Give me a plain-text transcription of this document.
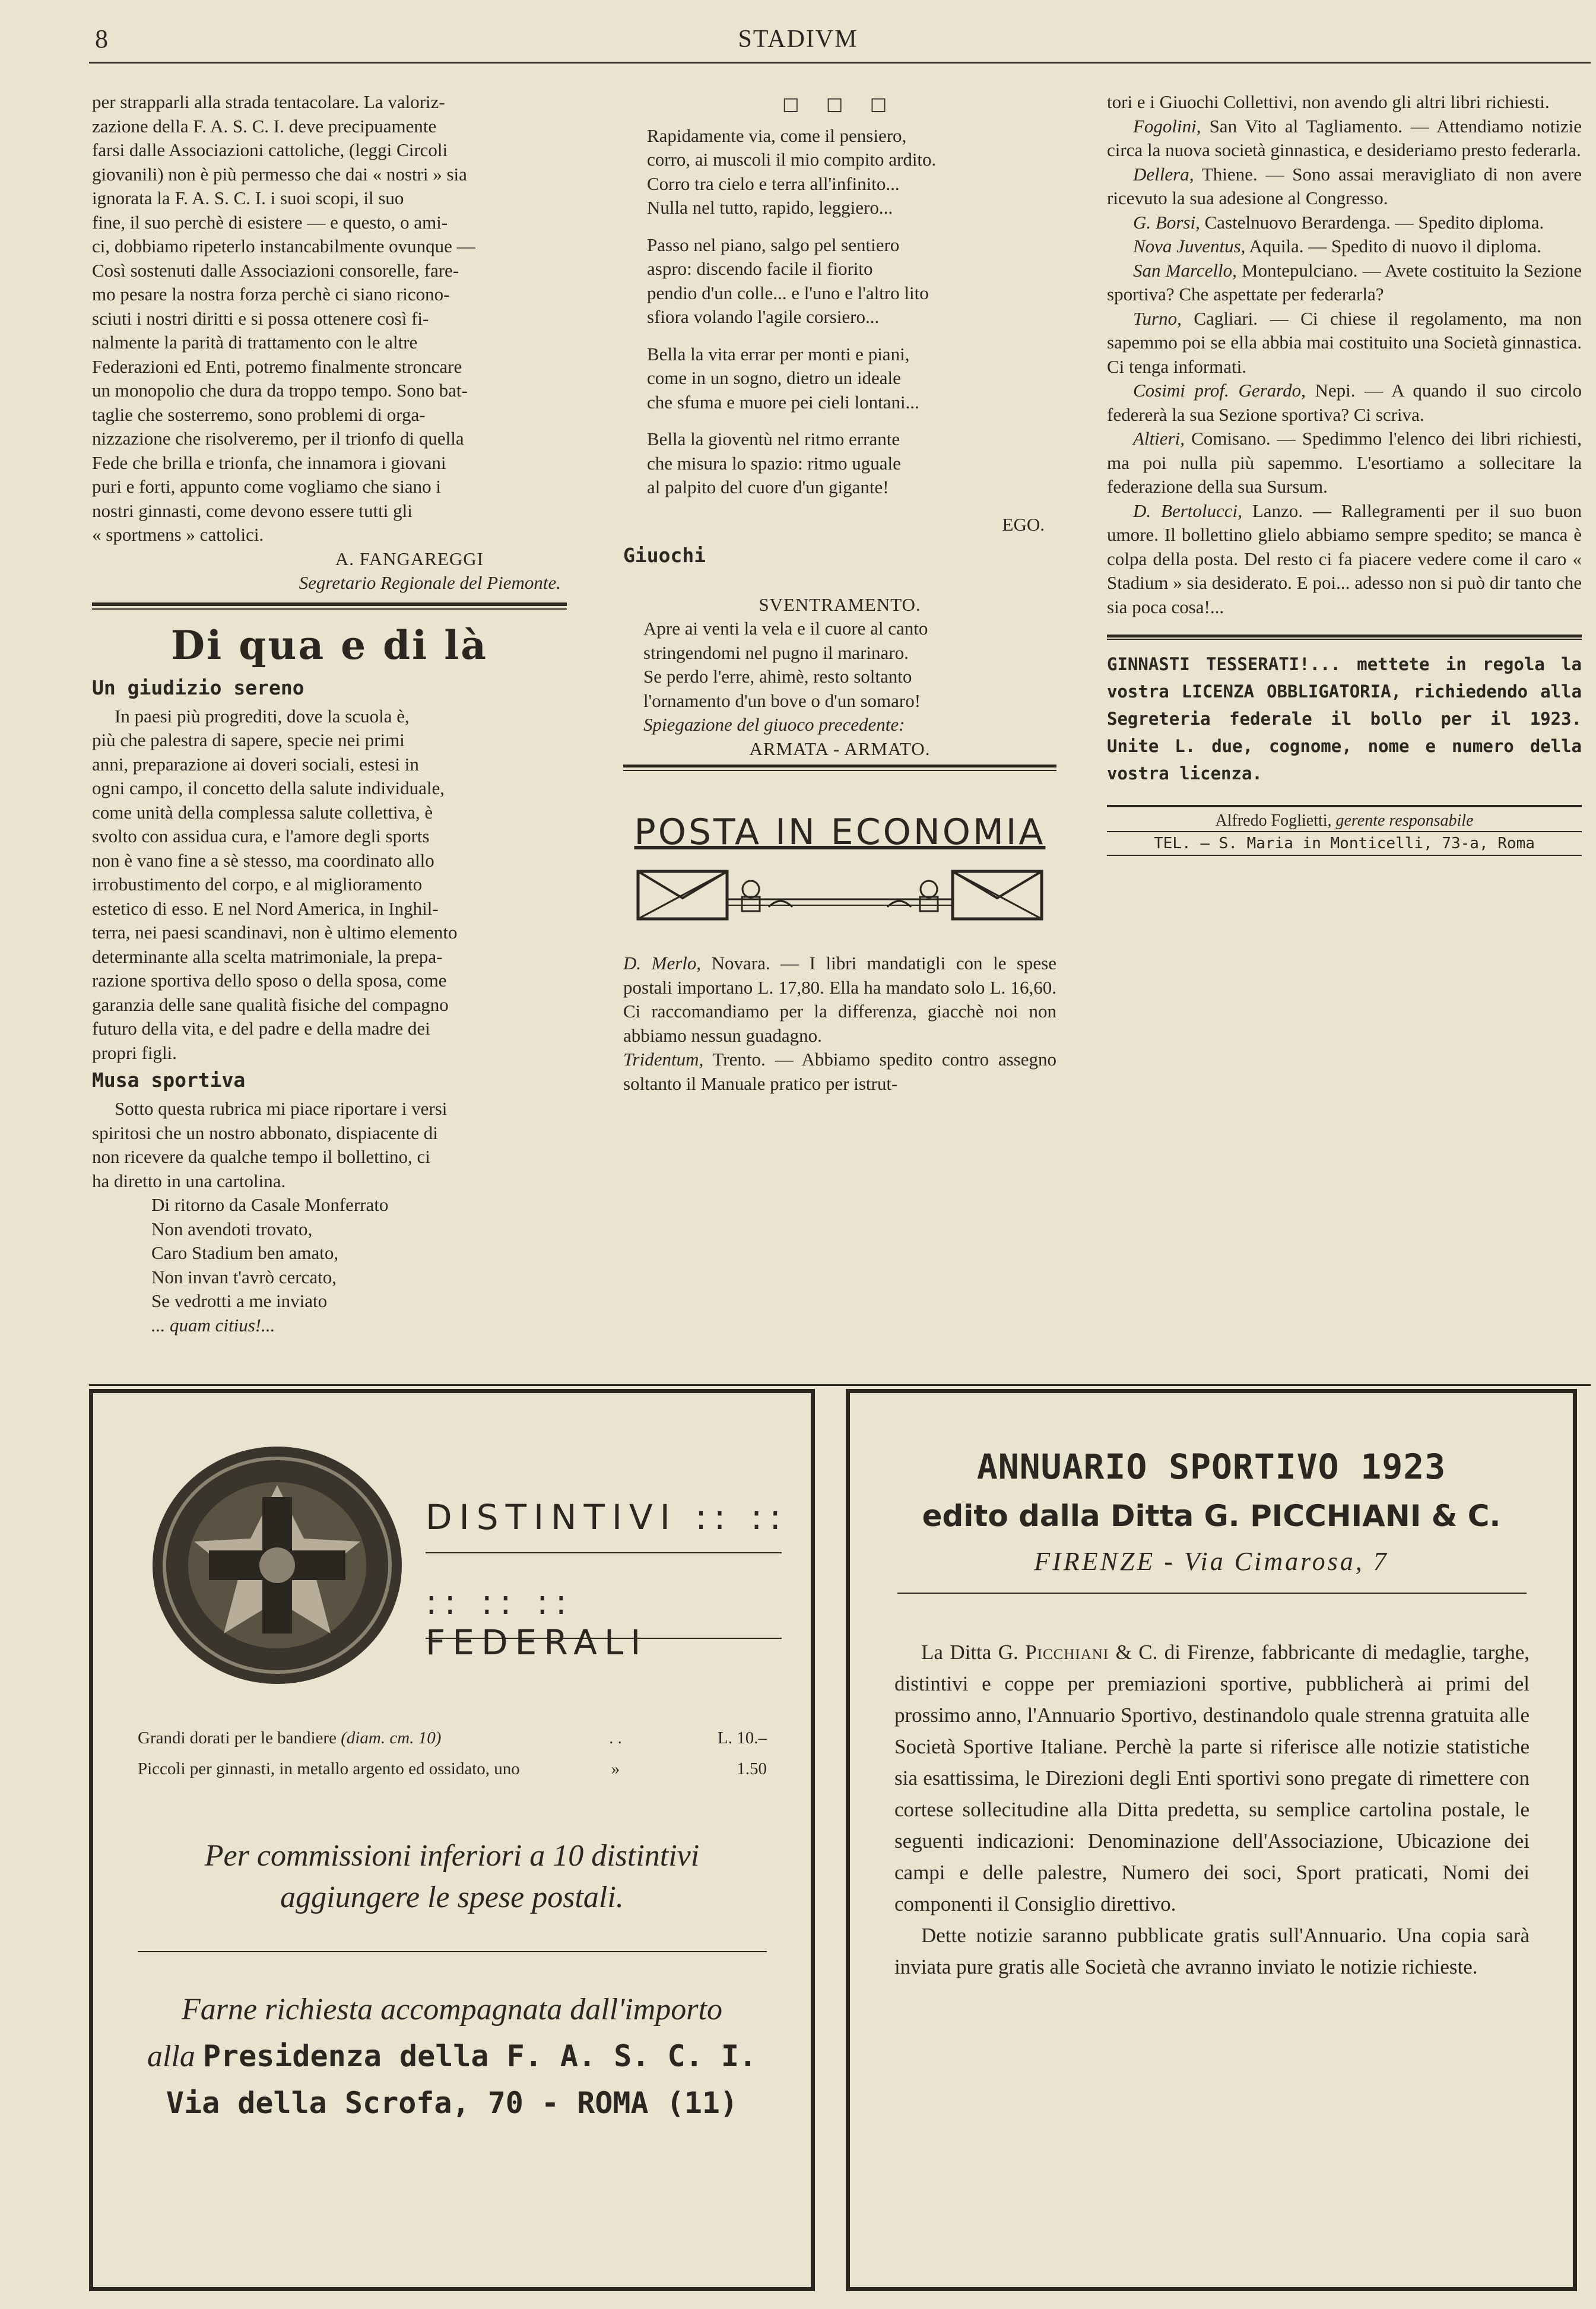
8	STADIVM

per strapparli alla strada tentacolare. La valoriz-

zazione della F. A. S. C. I. deve precipuamente

farsi dalle Associazioni cattoliche, (leggi Circoli

giovanili) non è più permesso che dai « nostri » sia

ignorata la F. A. S. C. I. i suoi scopi, il suo

fine, il suo perchè di esistere — e questo, o ami-

ci, dobbiamo ripeterlo instancabilmente ovunque —

Così sostenuti dalle Associazioni consorelle, fare-

mo pesare la nostra forza perchè ci siano ricono-

sciuti i nostri diritti e si possa ottenere così fi-

nalmente la parità di trattamento con le altre

Federazioni ed Enti, potremo finalmente stroncare

un monopolio che dura da troppo tempo. Sono bat-

taglie che sosterremo, sono problemi di orga-

nizzazione che risolveremo, per il trionfo di quella

Fede che brilla e trionfa, che innamora i giovani

puri e forti, appunto come vogliamo che siano i

nostri ginnasti, come devono essere tutti gli

« sportmens » cattolici.

A. FANGAREGGI

Segretario Regionale del Piemonte.

Di qua e di là
Un giudizio sereno

In paesi più progrediti, dove la scuola è,

più che palestra di sapere, specie nei primi

anni, preparazione ai doveri sociali, estesi in

ogni campo, il concetto della salute individuale,

come unità della complessa salute collettiva, è

svolto con assidua cura, e l'amore degli sports

non è vano fine a sè stesso, ma coordinato allo

irrobustimento del corpo, e al miglioramento

estetico di esso. E nel Nord America, in Inghil-

terra, nei paesi scandinavi, non è ultimo elemento

determinante alla scelta matrimoniale, la prepa-

razione sportiva dello sposo o della sposa, come

garanzia delle sane qualità fisiche del compagno

futuro della vita, e del padre e della madre dei

propri figli.

Musa sportiva

Sotto questa rubrica mi piace riportare i versi

spiritosi che un nostro abbonato, dispiacente di

non ricevere da qualche tempo il bollettino, ci

ha diretto in una cartolina.

Di ritorno da Casale Monferrato

Non avendoti trovato,

Caro Stadium ben amato,

Non invan t'avrò cercato,

Se vedrotti a me inviato

... quam citius!...

□ □ □

Rapidamente via, come il pensiero,

corro, ai muscoli il mio compito ardito.

Corro tra cielo e terra all'infinito...

Nulla nel tutto, rapido, leggiero...

Passo nel piano, salgo pel sentiero

aspro: discendo facile il fiorito

pendio d'un colle... e l'uno e l'altro lito

sfiora volando l'agile corsiero...

Bella la vita errar per monti e piani,

come in un sogno, dietro un ideale

che sfuma e muore pei cieli lontani...

Bella la gioventù nel ritmo errante

che misura lo spazio: ritmo uguale

al palpito del cuore d'un gigante!

EGO.

Giuochi

SVENTRAMENTO.

Apre ai venti la vela e il cuore al canto

stringendomi nel pugno il marinaro.

Se perdo l'erre, ahimè, resto soltanto

l'ornamento d'un bove o d'un somaro!

Spiegazione del giuoco precedente:

ARMATA - ARMATO.

POSTA IN ECONOMIA

D. Merlo, Novara. — I libri mandatigli con le spese postali importano L. 17,80. Ella ha mandato solo L. 16,60. Ci raccomandiamo per la differenza, giacchè noi non abbiamo nessun guadagno.

Tridentum, Trento. — Abbiamo spedito contro assegno soltanto il Manuale pratico per istrut-

tori e i Giuochi Collettivi, non avendo gli altri libri richiesti.

Fogolini, San Vito al Tagliamento. — Attendiamo notizie circa la nuova società ginnastica, e desideriamo presto federarla.

Dellera, Thiene. — Sono assai meravigliato di non avere ricevuto la sua adesione al Congresso.

G. Borsi, Castelnuovo Berardenga. — Spedito diploma.

Nova Juventus, Aquila. — Spedito di nuovo il diploma.

San Marcello, Montepulciano. — Avete costituito la Sezione sportiva? Che aspettate per federarla?

Turno, Cagliari. — Ci chiese il regolamento, ma non sapemmo poi se ella abbia mai costituito una Società ginnastica. Ci tenga informati.

Cosimi prof. Gerardo, Nepi. — A quando il suo circolo federerà la sua Sezione sportiva? Ci scriva.

Altieri, Comisano. — Spedimmo l'elenco dei libri richiesti, ma poi nulla più sapemmo. L'esortiamo a sollecitare la federazione della sua Sursum.

D. Bertolucci, Lanzo. — Rallegramenti per il suo buon umore. Il bollettino glielo abbiamo sempre spedito; se manca è colpa della posta. Del resto ci fa piacere vedere come il caro « Stadium » sia desiderato. E poi... adesso non si può dir tanto che sia poca cosa!...

GINNASTI TESSERATI!... mettete in regola la vostra LICENZA OBBLIGATORIA, richiedendo alla Segreteria federale il bollo per il 1923. Unite L. due, cognome, nome e numero della vostra licenza.

Alfredo Foglietti, gerente responsabile

TEL. — S. Maria in Monticelli, 73-a, Roma

DISTINTIVI :: ::
:: :: :: FEDERALI
Grandi dorati per le bandiere (diam. cm. 10)	. .	L. 10.–
Piccoli per ginnasti, in metallo argento ed ossidato, uno	»	1.50
Per commissioni inferiori a 10 distintivi
aggiungere le spese postali.
Farne richiesta accompagnata dall'importo
alla Presidenza della F. A. S. C. I.
Via della Scrofa, 70 - ROMA (11)
ANNUARIO SPORTIVO 1923
edito dalla Ditta G. PICCHIANI & C.
FIRENZE - Via Cimarosa, 7

La Ditta G. Picchiani & C. di Firenze, fabbricante di medaglie, targhe, distintivi e coppe per premiazioni sportive, pubblicherà ai primi del prossimo anno, l'Annuario Sportivo, destinandolo quale strenna gratuita alle Società Sportive Italiane. Perchè la parte si riferisce alle notizie statistiche sia esattissima, le Direzioni degli Enti sportivi sono pregate di rimettere con cortese sollecitudine alla Ditta predetta, su semplice cartolina postale, le seguenti indicazioni: Denominazione dell'Associazione, Ubicazione dei campi e delle palestre, Numero dei soci, Sport praticati, Nomi dei componenti il Consiglio direttivo.

Dette notizie saranno pubblicate gratis sull'Annuario. Una copia sarà inviata pure gratis alle Società che avranno inviato le notizie richieste.
